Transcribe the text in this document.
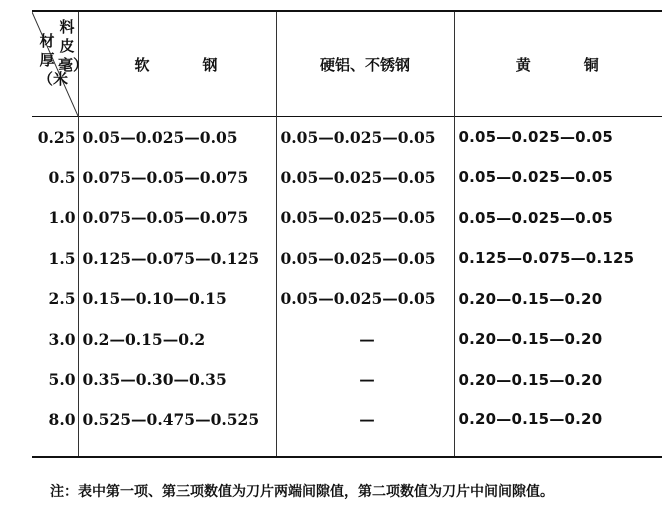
料皮毫）
材厚（米	软　　　钢	硬铝、不锈钢	黄　　　铜
0.25	0.05—0.025—0.05	0.05—0.025—0.05	0.05—0.025—0.05
0.5	0.075—0.05—0.075	0.05—0.025—0.05	0.05—0.025—0.05
1.0	0.075—0.05—0.075	0.05—0.025—0.05	0.05—0.025—0.05
1.5	0.125—0.075—0.125	0.05—0.025—0.05	0.125—0.075—0.125
2.5	0.15—0.10—0.15	0.05—0.025—0.05	0.20—0.15—0.20
3.0	0.2—0.15—0.2	—	0.20—0.15—0.20
5.0	0.35—0.30—0.35	—	0.20—0.15—0.20
8.0	0.525—0.475—0.525	—	0.20—0.15—0.20
注：表中第一项、第三项数值为刀片两端间隙值，第二项数值为刀片中间间隙值。
